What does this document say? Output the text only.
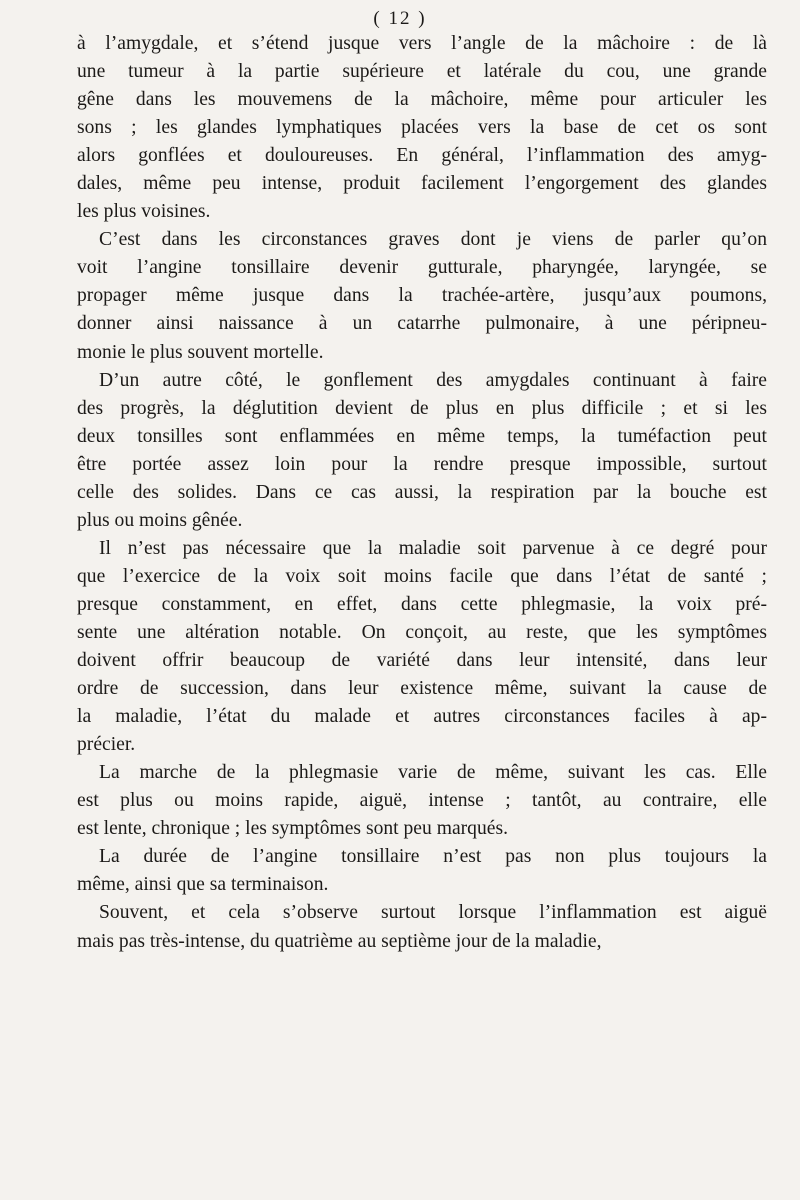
( 12 )
à l’amygdale, et s’étend jusque vers l’angle de la mâchoire : de là
une tumeur à la partie supérieure et latérale du cou, une grande
gêne dans les mouvemens de la mâchoire, même pour articuler les
sons ; les glandes lymphatiques placées vers la base de cet os sont
alors gonflées et douloureuses. En général, l’inflammation des amyg-
dales, même peu intense, produit facilement l’engorgement des glandes
les plus voisines.
C’est dans les circonstances graves dont je viens de parler qu’on
voit l’angine tonsillaire devenir gutturale, pharyngée, laryngée, se
propager même jusque dans la trachée-artère, jusqu’aux poumons,
donner ainsi naissance à un catarrhe pulmonaire, à une péripneu-
monie le plus souvent mortelle.
D’un autre côté, le gonflement des amygdales continuant à faire
des progrès, la déglutition devient de plus en plus difficile ; et si les
deux tonsilles sont enflammées en même temps, la tuméfaction peut
être portée assez loin pour la rendre presque impossible, surtout
celle des solides. Dans ce cas aussi, la respiration par la bouche est
plus ou moins gênée.
Il n’est pas nécessaire que la maladie soit parvenue à ce degré pour
que l’exercice de la voix soit moins facile que dans l’état de santé ;
presque constamment, en effet, dans cette phlegmasie, la voix pré-
sente une altération notable. On conçoit, au reste, que les symptômes
doivent offrir beaucoup de variété dans leur intensité, dans leur
ordre de succession, dans leur existence même, suivant la cause de
la maladie, l’état du malade et autres circonstances faciles à ap-
précier.
La marche de la phlegmasie varie de même, suivant les cas. Elle
est plus ou moins rapide, aiguë, intense ; tantôt, au contraire, elle
est lente, chronique ; les symptômes sont peu marqués.
La durée de l’angine tonsillaire n’est pas non plus toujours la
même, ainsi que sa terminaison.
Souvent, et cela s’observe surtout lorsque l’inflammation est aiguë
mais pas très-intense, du quatrième au septième jour de la maladie,
